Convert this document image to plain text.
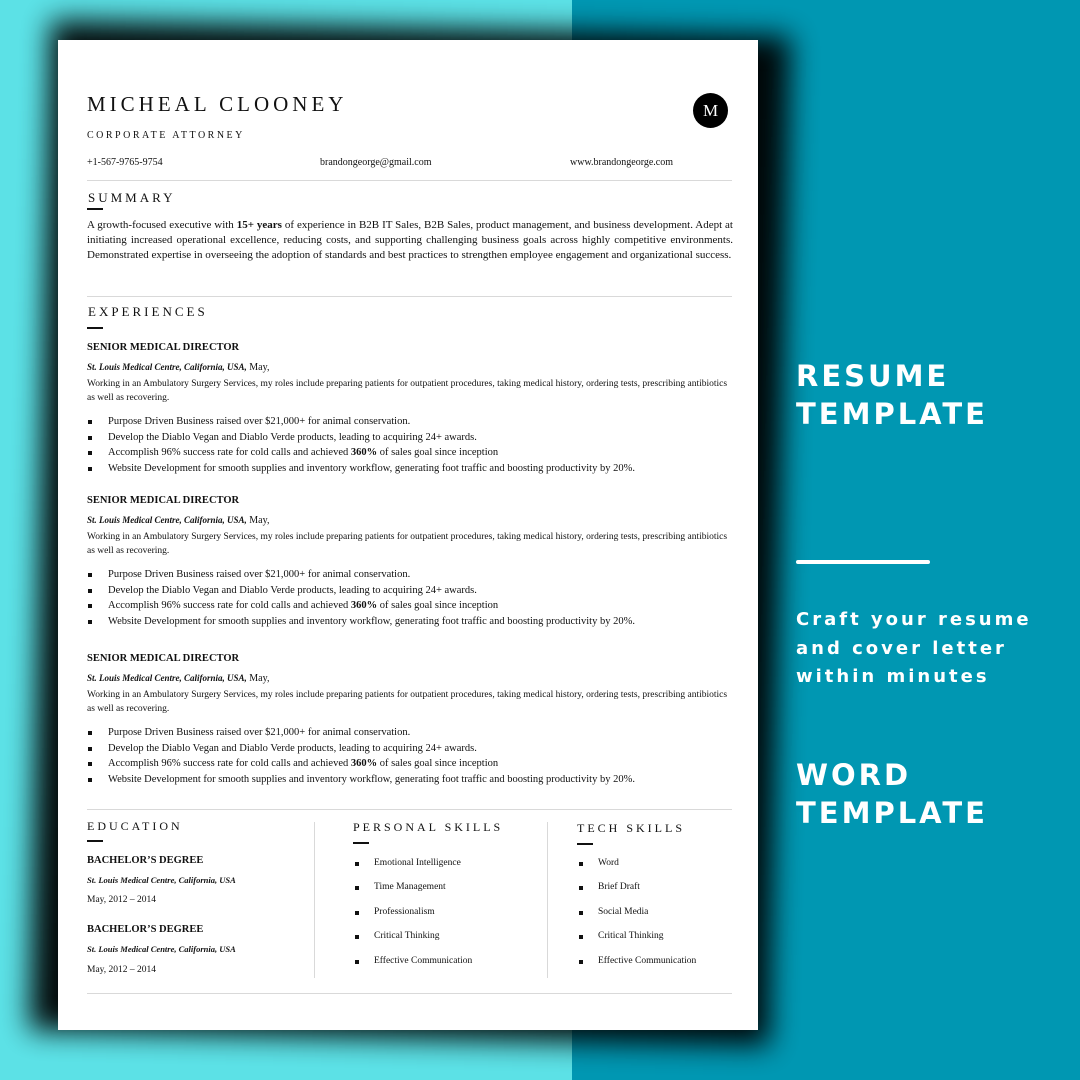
MICHEAL CLOONEY
CORPORATE ATTORNEY
M
+1-567-9765-9754	brandongeorge@gmail.com	www.brandongeorge.com
SUMMARY
A growth-focused executive with 15+ years of experience in B2B IT Sales, B2B Sales, product management, and business development. Adept at initiating increased operational excellence, reducing costs, and supporting challenging business goals across highly competitive environments. Demonstrated expertise in overseeing the adoption of standards and best practices to strengthen employee engagement and organizational success.
EXPERIENCES
SENIOR MEDICAL DIRECTOR
St. Louis Medical Centre, California, USA, May,
Working in an Ambulatory Surgery Services, my roles include preparing patients for outpatient procedures, taking medical history, ordering tests, prescribing antibiotics as well as recovering.
Purpose Driven Business raised over $21,000+ for animal conservation.
Develop the Diablo Vegan and Diablo Verde products, leading to acquiring 24+ awards.
Accomplish 96% success rate for cold calls and achieved 360% of sales goal since inception
Website Development for smooth supplies and inventory workflow, generating foot traffic and boosting productivity by 20%.
SENIOR MEDICAL DIRECTOR
St. Louis Medical Centre, California, USA, May,
Working in an Ambulatory Surgery Services, my roles include preparing patients for outpatient procedures, taking medical history, ordering tests, prescribing antibiotics as well as recovering.
Purpose Driven Business raised over $21,000+ for animal conservation.
Develop the Diablo Vegan and Diablo Verde products, leading to acquiring 24+ awards.
Accomplish 96% success rate for cold calls and achieved 360% of sales goal since inception
Website Development for smooth supplies and inventory workflow, generating foot traffic and boosting productivity by 20%.
SENIOR MEDICAL DIRECTOR
St. Louis Medical Centre, California, USA, May,
Working in an Ambulatory Surgery Services, my roles include preparing patients for outpatient procedures, taking medical history, ordering tests, prescribing antibiotics as well as recovering.
Purpose Driven Business raised over $21,000+ for animal conservation.
Develop the Diablo Vegan and Diablo Verde products, leading to acquiring 24+ awards.
Accomplish 96% success rate for cold calls and achieved 360% of sales goal since inception
Website Development for smooth supplies and inventory workflow, generating foot traffic and boosting productivity by 20%.
EDUCATION
BACHELOR’S DEGREE
St. Louis Medical Centre, California, USA
May, 2012 – 2014
BACHELOR’S DEGREE
St. Louis Medical Centre, California, USA
May, 2012 – 2014
PERSONAL SKILLS
Emotional Intelligence
Time Management
Professionalism
Critical Thinking
Effective Communication
TECH SKILLS
Word
Brief Draft
Social Media
Critical Thinking
Effective Communication
RESUME
TEMPLATE
Craft your resume
and cover letter
within minutes
WORD
TEMPLATE
